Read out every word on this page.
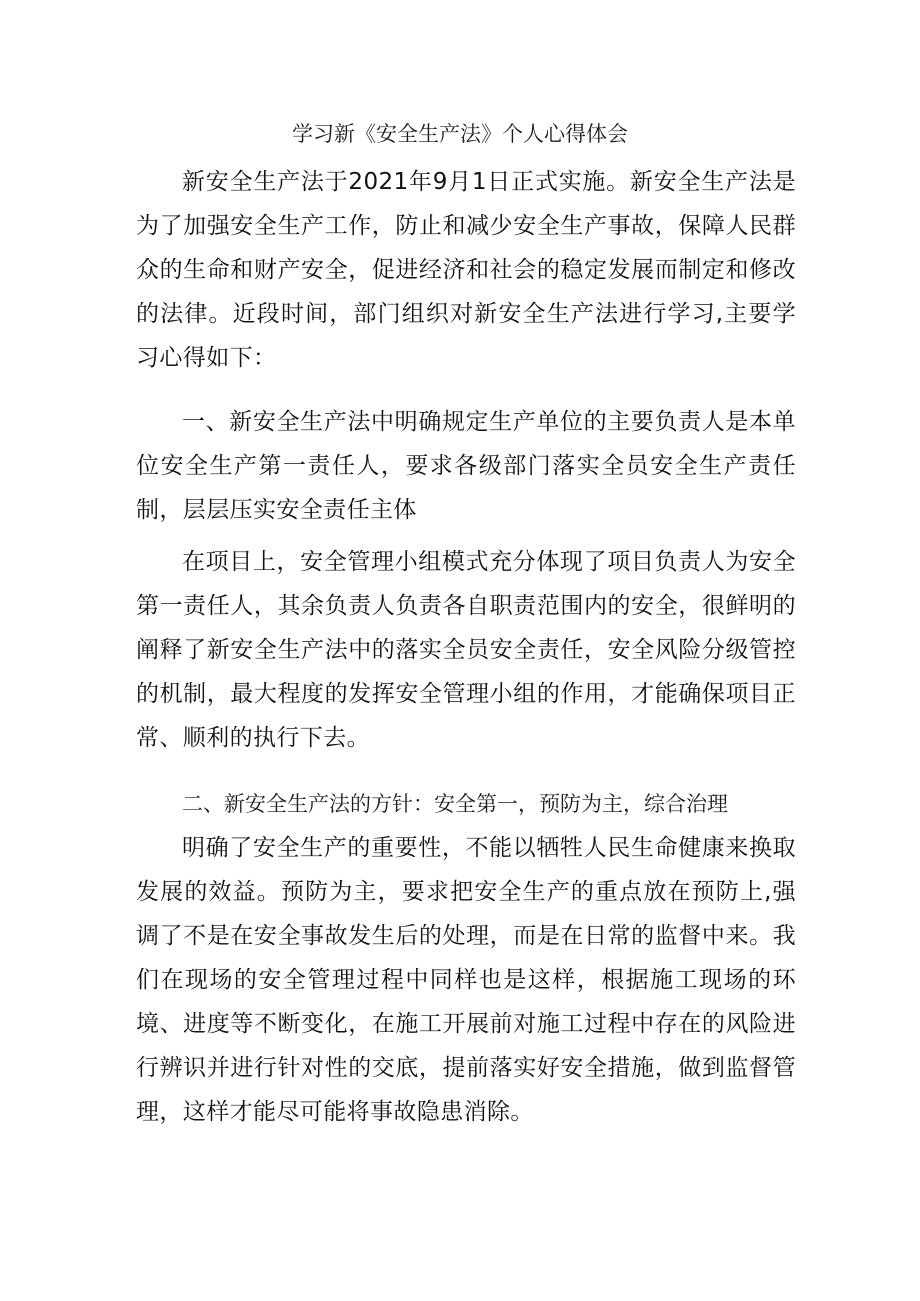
学习新《安全生产法》个人心得体会

新安全生产法于2021年9月1日正式实施。新安全生产法是为了加强安全生产工作，防止和减少安全生产事故，保障人民群众的生命和财产安全，促进经济和社会的稳定发展而制定和修改的法律。近段时间，部门组织对新安全生产法进行学习,主要学习心得如下：

一、新安全生产法中明确规定生产单位的主要负责人是本单位安全生产第一责任人，要求各级部门落实全员安全生产责任制，层层压实安全责任主体

在项目上，安全管理小组模式充分体现了项目负责人为安全第一责任人，其余负责人负责各自职责范围内的安全，很鲜明的阐释了新安全生产法中的落实全员安全责任，安全风险分级管控的机制，最大程度的发挥安全管理小组的作用，才能确保项目正常、顺利的执行下去。

二、新安全生产法的方针：安全第一，预防为主，综合治理

明确了安全生产的重要性，不能以牺牲人民生命健康来换取发展的效益。预防为主，要求把安全生产的重点放在预防上,强调了不是在安全事故发生后的处理，而是在日常的监督中来。我们在现场的安全管理过程中同样也是这样，根据施工现场的环境、进度等不断变化，在施工开展前对施工过程中存在的风险进行辨识并进行针对性的交底，提前落实好安全措施，做到监督管理，这样才能尽可能将事故隐患消除。
